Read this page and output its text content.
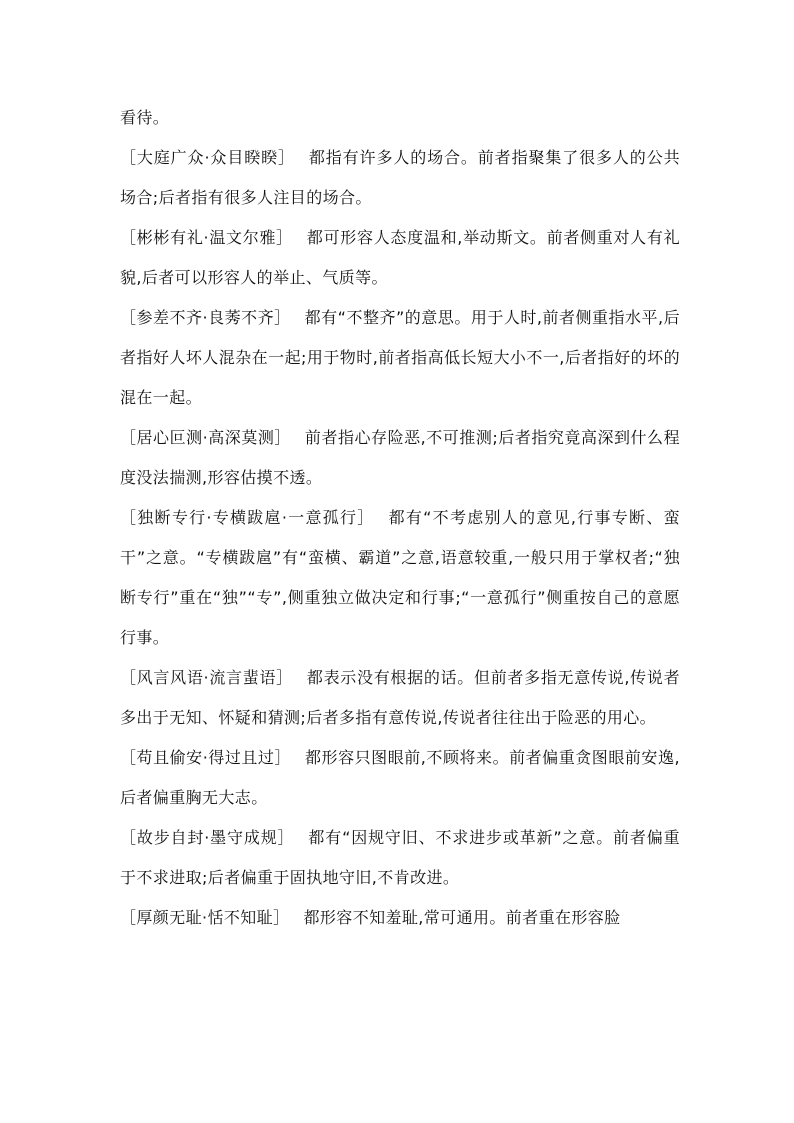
看待。

［大庭广众·众目睽睽］ 都指有许多人的场合。前者指聚集了很多人的公共场合;后者指有很多人注目的场合。

［彬彬有礼·温文尔雅］ 都可形容人态度温和,举动斯文。前者侧重对人有礼貌,后者可以形容人的举止、气质等。

［参差不齐·良莠不齐］ 都有“不整齐”的意思。用于人时,前者侧重指水平,后者指好人坏人混杂在一起;用于物时,前者指高低长短大小不一,后者指好的坏的混在一起。

［居心叵测·高深莫测］ 前者指心存险恶,不可推测;后者指究竟高深到什么程度没法揣测,形容估摸不透。

［独断专行·专横跋扈·一意孤行］ 都有“不考虑别人的意见,行事专断、蛮干”之意。“专横跋扈”有“蛮横、霸道”之意,语意较重,一般只用于掌权者;“独断专行”重在“独”“专”,侧重独立做决定和行事;“一意孤行”侧重按自己的意愿行事。

［风言风语·流言蜚语］ 都表示没有根据的话。但前者多指无意传说,传说者多出于无知、怀疑和猜测;后者多指有意传说,传说者往往出于险恶的用心。

［苟且偷安·得过且过］ 都形容只图眼前,不顾将来。前者偏重贪图眼前安逸,后者偏重胸无大志。

［故步自封·墨守成规］ 都有“因规守旧、不求进步或革新”之意。前者偏重于不求进取;后者偏重于固执地守旧,不肯改进。

［厚颜无耻·恬不知耻］ 都形容不知羞耻,常可通用。前者重在形容脸
